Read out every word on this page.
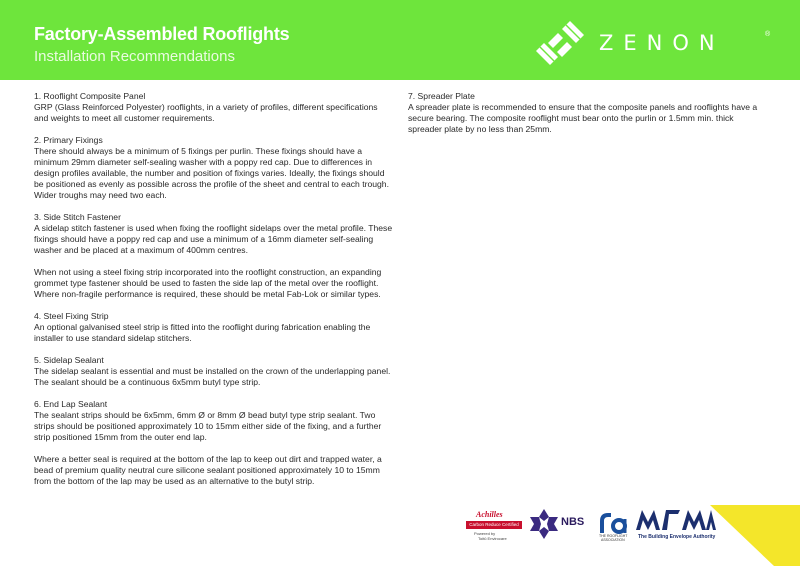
Factory-Assembled Rooflights
Installation Recommendations
ZENON	®

1. Rooflight Composite Panel

GRP (Glass Reinforced Polyester) rooflights, in a variety of profiles, different specifications and weights to meet all customer requirements.

2. Primary Fixings

There should always be a minimum of 5 fixings per purlin. These fixings should have a minimum 29mm diameter self-sealing washer with a poppy red cap. Due to differences in design profiles available, the number and position of fixings varies. Ideally, the fixings should be positioned as evenly as possible across the profile of the sheet and central to each trough. Wider troughs may need two each.

3. Side Stitch Fastener

A sidelap stitch fastener is used when fixing the rooflight sidelaps over the metal profile. These fixings should have a poppy red cap and use a minimum of a 16mm diameter self-sealing washer and be placed at a maximum of 400mm centres.

When not using a steel fixing strip incorporated into the rooflight construction, an expanding grommet type fastener should be used to fasten the side lap of the metal over the rooflight. Where non-fragile performance is required, these should be metal Fab-Lok or similar types.

4. Steel Fixing Strip

An optional galvanised steel strip is fitted into the rooflight during fabrication enabling the installer to use standard sidelap stitchers.

5. Sidelap Sealant

The sidelap sealant is essential and must be installed on the crown of the underlapping panel. The sealant should be a continuous 6x5mm butyl type strip.

6. End Lap Sealant

The sealant strips should be 6x5mm, 6mm Ø or 8mm Ø bead butyl type strip sealant. Two strips should be positioned approximately 10 to 15mm either side of the fixing, and a further strip positioned 15mm from the outer end lap.

Where a better seal is required at the bottom of the lap to keep out dirt and trapped water, a bead of premium quality neutral cure silicone sealant positioned approximately 10 to 15mm from the bottom of the lap may be used as an alternative to the butyl strip.

7. Spreader Plate

A spreader plate is recommended to ensure that the composite panels and rooflights have a secure bearing. The composite rooflight must bear onto the purlin or 1.5mm min. thick spreader plate by no less than 25mm.

Achilles
Carbon Reduce Certified
Powered by
Toitū Envirocare
NBS
THE ROOFLIGHT
ASSOCIATION	The Building Envelope Authority
